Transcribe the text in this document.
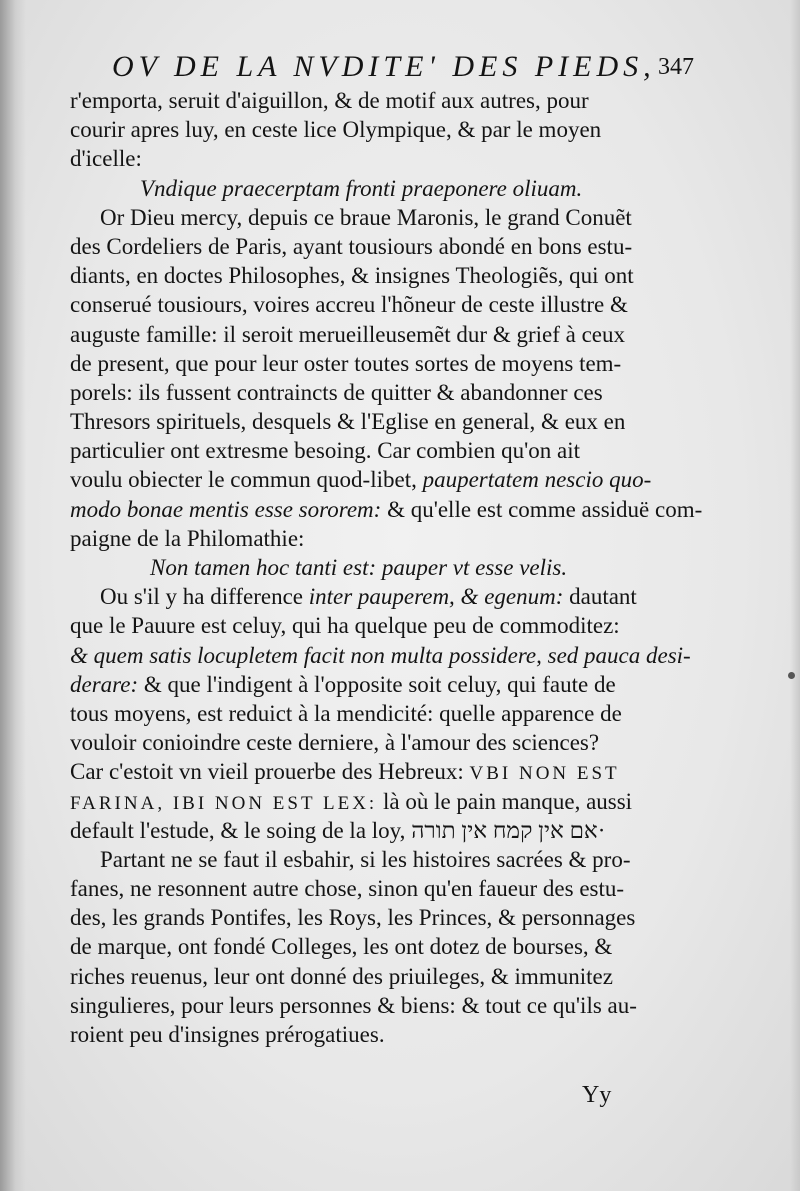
OV DE LA NVDITE' DES PIEDS, 347
r'emporta, seruit d'aiguillon, & de motif aux autres, pour
courir apres luy, en ceste lice Olympique, & par le moyen
d'icelle:
Vndique praecerptam fronti praeponere oliuam.
Or Dieu mercy, depuis ce braue Maronis, le grand Conuẽt
des Cordeliers de Paris, ayant tousiours abondé en bons estu-
diants, en doctes Philosophes, & insignes Theologiẽs, qui ont
conserué tousiours, voires accreu l'hõneur de ceste illustre &
auguste famille: il seroit merueilleusemẽt dur & grief à ceux
de present, que pour leur oster toutes sortes de moyens tem-
porels: ils fussent contraincts de quitter & abandonner ces
Thresors spirituels, desquels & l'Eglise en general, & eux en
particulier ont extresme besoing. Car combien qu'on ait
voulu obiecter le commun quod-libet, paupertatem nescio quo-
modo bonae mentis esse sororem: & qu'elle est comme assiduë com-
paigne de la Philomathie:
Non tamen hoc tanti est: pauper vt esse velis.
Ou s'il y ha difference inter pauperem, & egenum: dautant
que le Pauure est celuy, qui ha quelque peu de commoditez:
& quem satis locupletem facit non multa possidere, sed pauca desi-
derare: & que l'indigent à l'opposite soit celuy, qui faute de
tous moyens, est reduict à la mendicité: quelle apparence de
vouloir conioindre ceste derniere, à l'amour des sciences?
Car c'estoit vn vieil prouerbe des Hebreux: VBI NON EST
FARINA, IBI NON EST LEX: là où le pain manque, aussi
default l'estude, & le soing de la loy, אם אין קמח אין תורה·
Partant ne se faut il esbahir, si les histoires sacrées & pro-
fanes, ne resonnent autre chose, sinon qu'en faueur des estu-
des, les grands Pontifes, les Roys, les Princes, & personnages
de marque, ont fondé Colleges, les ont dotez de bourses, &
riches reuenus, leur ont donné des priuileges, & immunitez
singulieres, pour leurs personnes & biens: & tout ce qu'ils au-
roient peu d'insignes prérogatiues.
Yy
